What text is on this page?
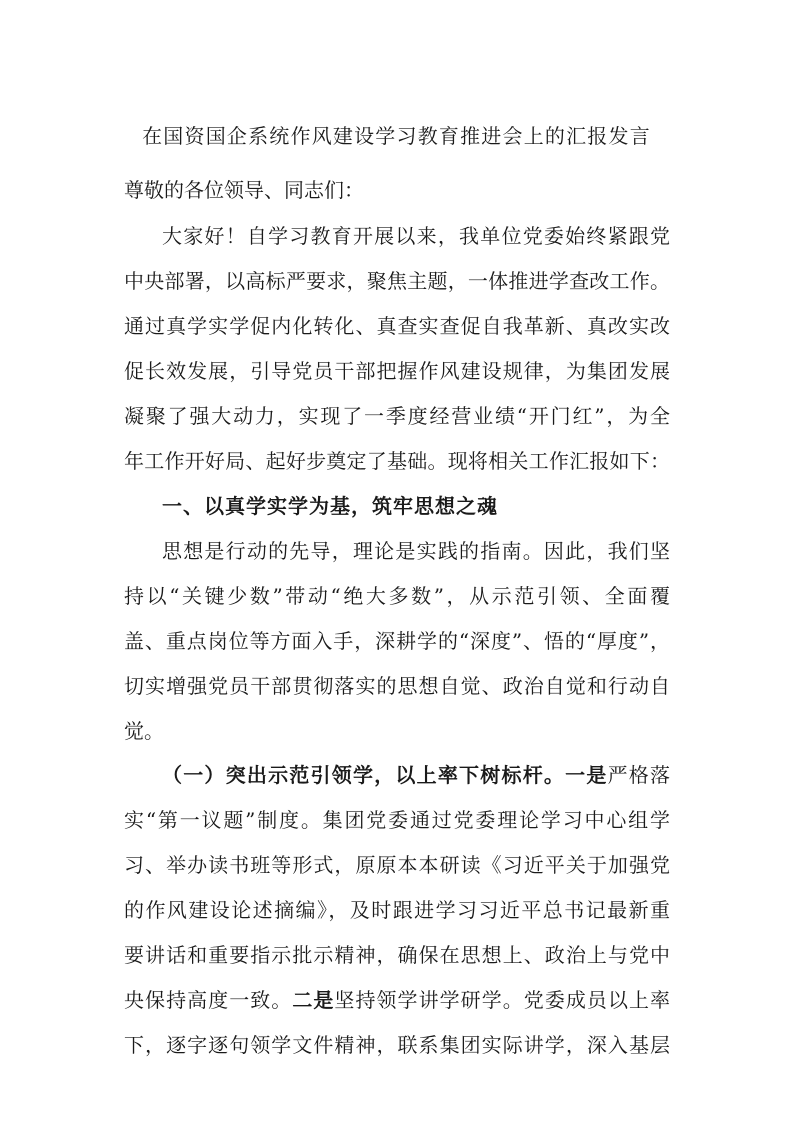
在国资国企系统作风建设学习教育推进会上的汇报发言
尊敬的各位领导、同志们：
大家好！自学习教育开展以来，我单位党委始终紧跟党
中央部署，以高标严要求，聚焦主题，一体推进学查改工作。
通过真学实学促内化转化、真查实查促自我革新、真改实改
促长效发展，引导党员干部把握作风建设规律，为集团发展
凝聚了强大动力，实现了一季度经营业绩“开门红”，为全
年工作开好局、起好步奠定了基础。现将相关工作汇报如下：
一、以真学实学为基，筑牢思想之魂
思想是行动的先导，理论是实践的指南。因此，我们坚
持以“关键少数”带动“绝大多数”，从示范引领、全面覆
盖、重点岗位等方面入手，深耕学的“深度”、悟的“厚度”，
切实增强党员干部贯彻落实的思想自觉、政治自觉和行动自
觉。
（一）突出示范引领学，以上率下树标杆。一是严格落
实“第一议题”制度。集团党委通过党委理论学习中心组学
习、举办读书班等形式，原原本本研读《习近平关于加强党
的作风建设论述摘编》，及时跟进学习习近平总书记最新重
要讲话和重要指示批示精神，确保在思想上、政治上与党中
央保持高度一致。二是坚持领学讲学研学。党委成员以上率
下，逐字逐句领学文件精神，联系集团实际讲学，深入基层
